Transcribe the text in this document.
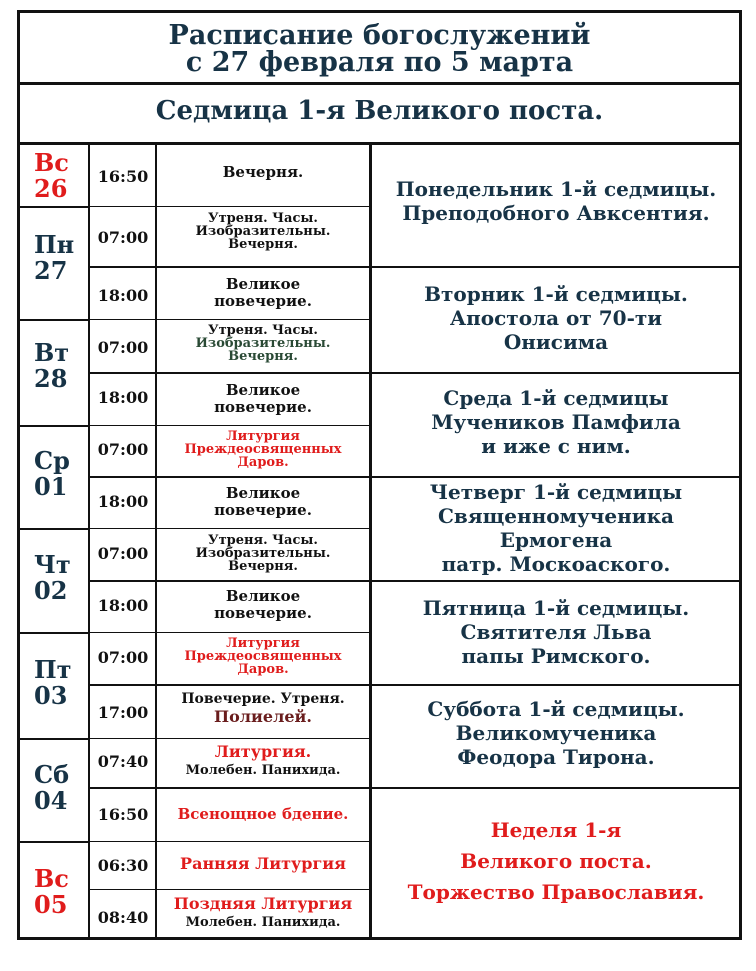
Расписание богослужений
с 27 февраля по 5 марта
Седмица 1-я Великого поста.
Вс
26
Пн
27
Вт
28
Ср
01
Чт
02
Пт
03
Сб
04
Вс
05
16:50
07:00
18:00
07:00
18:00
07:00
18:00
07:00
18:00
07:00
17:00
07:40
16:50
06:30
08:40
Вечерня.
Утреня. Часы.
Изобразительны.
Вечерня.
Великое
повечерие.
Утреня. Часы.
Изобразительны.
Вечерня.
Великое
повечерие.
Литургия
Преждеосвященных
Даров.
Великое
повечерие.
Утреня. Часы.
Изобразительны.
Вечерня.
Великое
повечерие.
Литургия
Преждеосвященных
Даров.
Повечерие. Утреня.
Полиелей.
Литургия.
Молебен. Панихида.
Всенощное бдение.
Ранняя Литургия
Поздняя Литургия
Молебен. Панихида.
Понедельник 1-й седмицы.
Преподобного Авксентия.
Вторник 1-й седмицы.
Апостола от 70-ти
Онисима
Среда 1-й седмицы
Мучеников Памфила
и иже с ним.
Четверг 1-й седмицы
Священномученика
Ермогена
патр. Москоаского.
Пятница 1-й седмицы.
Святителя Льва
папы Римского.
Суббота 1-й седмицы.
Великомученика
Феодора Тирона.
Неделя 1-я
Великого поста.
Торжество Православия.
